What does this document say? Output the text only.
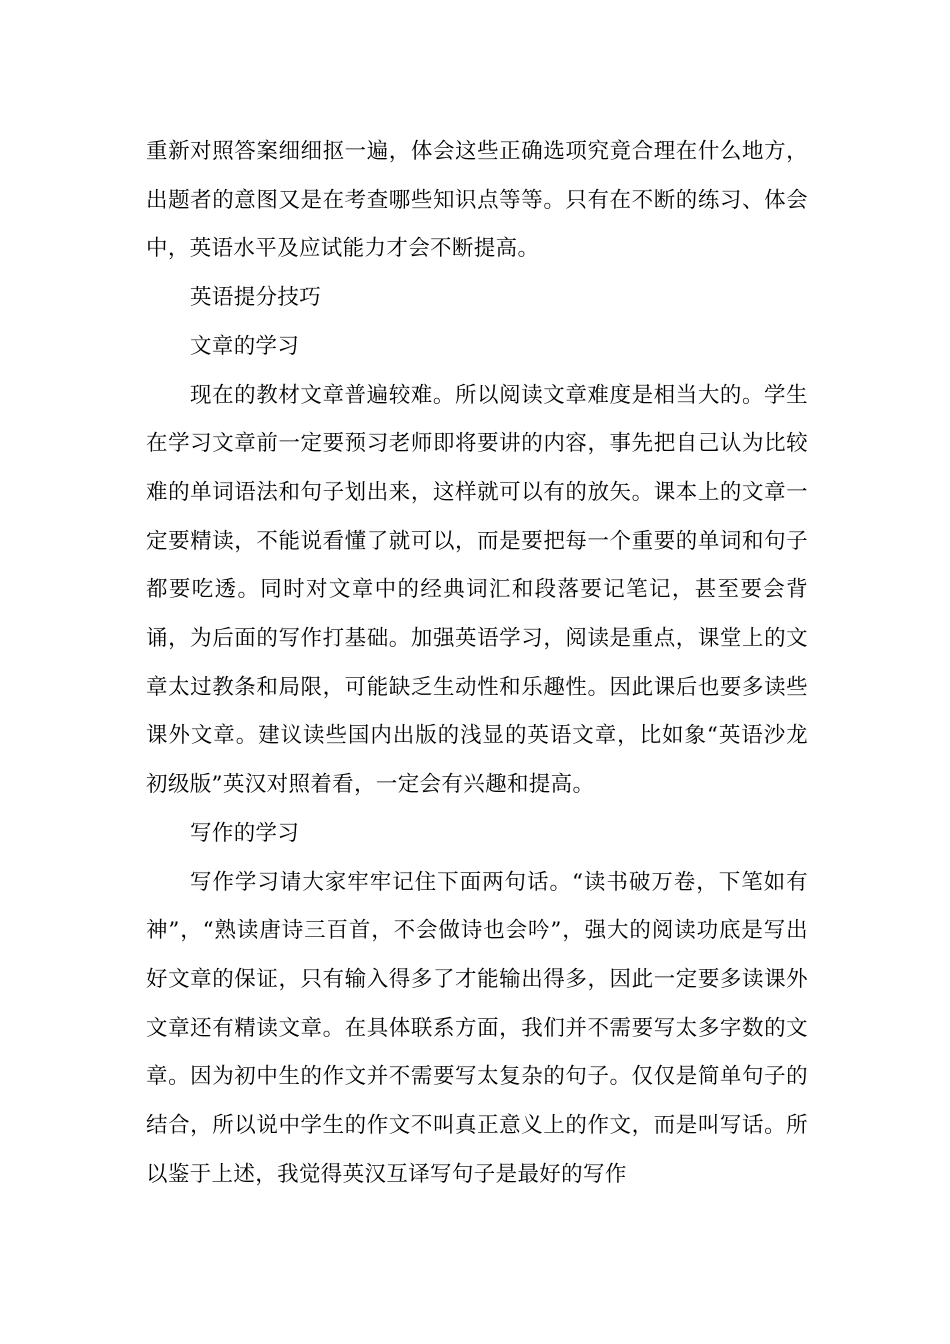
重新对照答案细细抠一遍，体会这些正确选项究竟合理在什么地方，出题者的意图又是在考查哪些知识点等等。只有在不断的练习、体会中，英语水平及应试能力才会不断提高。

英语提分技巧

文章的学习

现在的教材文章普遍较难。所以阅读文章难度是相当大的。学生在学习文章前一定要预习老师即将要讲的内容，事先把自己认为比较难的单词语法和句子划出来，这样就可以有的放矢。课本上的文章一定要精读，不能说看懂了就可以，而是要把每一个重要的单词和句子都要吃透。同时对文章中的经典词汇和段落要记笔记，甚至要会背诵，为后面的写作打基础。加强英语学习，阅读是重点，课堂上的文章太过教条和局限，可能缺乏生动性和乐趣性。因此课后也要多读些课外文章。建议读些国内出版的浅显的英语文章，比如象“英语沙龙初级版”英汉对照着看，一定会有兴趣和提高。

写作的学习

写作学习请大家牢牢记住下面两句话。“读书破万卷，下笔如有神”，“熟读唐诗三百首，不会做诗也会吟”，强大的阅读功底是写出好文章的保证，只有输入得多了才能输出得多，因此一定要多读课外文章还有精读文章。在具体联系方面，我们并不需要写太多字数的文章。因为初中生的作文并不需要写太复杂的句子。仅仅是简单句子的结合，所以说中学生的作文不叫真正意义上的作文，而是叫写话。所以鉴于上述，我觉得英汉互译写句子是最好的写作
